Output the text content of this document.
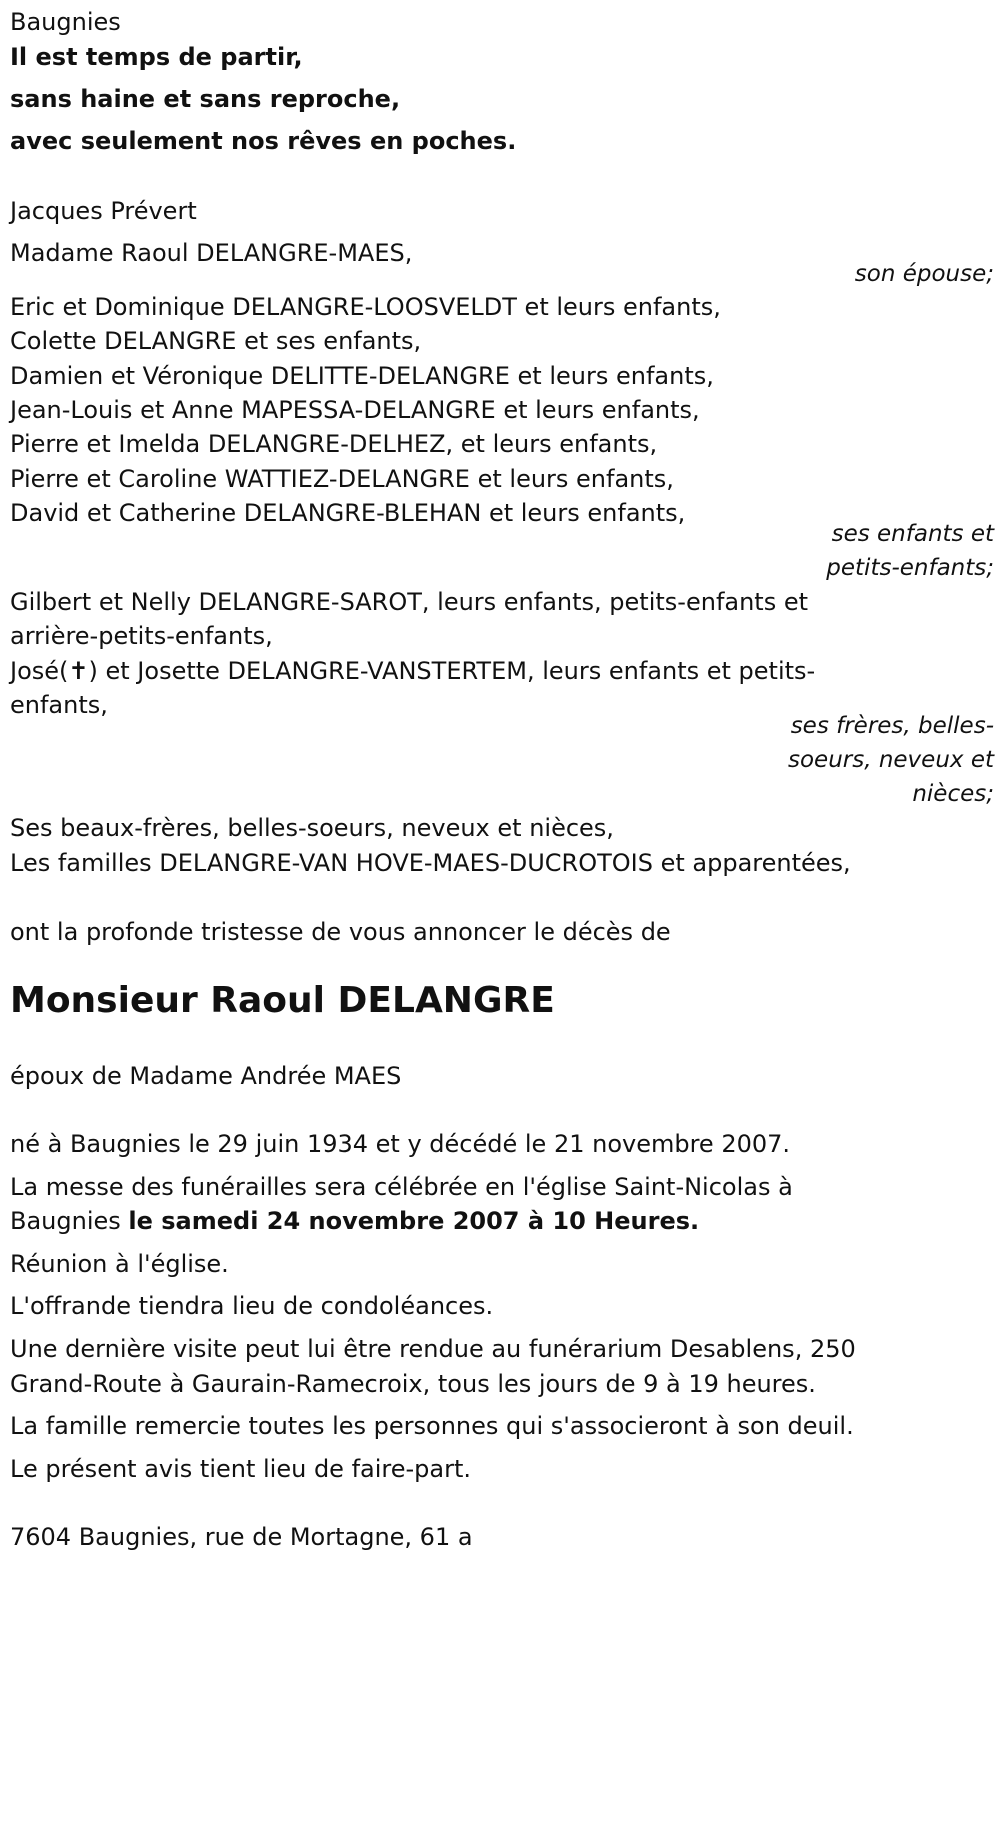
Baugnies
Il est temps de partir,
sans haine et sans reproche,
avec seulement nos rêves en poches.
Jacques Prévert
Madame Raoul DELANGRE-MAES,
son épouse;
Eric et Dominique DELANGRE-LOOSVELDT et leurs enfants,
Colette DELANGRE et ses enfants,
Damien et Véronique DELITTE-DELANGRE et leurs enfants,
Jean-Louis et Anne MAPESSA-DELANGRE et leurs enfants,
Pierre et Imelda DELANGRE-DELHEZ, et leurs enfants,
Pierre et Caroline WATTIEZ-DELANGRE et leurs enfants,
David et Catherine DELANGRE-BLEHAN et leurs enfants,
ses enfants et
petits-enfants;
Gilbert et Nelly DELANGRE-SAROT, leurs enfants, petits-enfants et
arrière-petits-enfants,
José(✝) et Josette DELANGRE-VANSTERTEM, leurs enfants et petits-
enfants,
ses frères, belles-
soeurs, neveux et
nièces;
Ses beaux-frères, belles-soeurs, neveux et nièces,
Les familles DELANGRE-VAN HOVE-MAES-DUCROTOIS et apparentées,
ont la profonde tristesse de vous annoncer le décès de
Monsieur Raoul DELANGRE
époux de Madame Andrée MAES
né à Baugnies le 29 juin 1934 et y décédé le 21 novembre 2007.
La messe des funérailles sera célébrée en l'église Saint-Nicolas à
Baugnies le samedi 24 novembre 2007 à 10 Heures.
Réunion à l'église.
L'offrande tiendra lieu de condoléances.
Une dernière visite peut lui être rendue au funérarium Desablens, 250
Grand-Route à Gaurain-Ramecroix, tous les jours de 9 à 19 heures.
La famille remercie toutes les personnes qui s'associeront à son deuil.
Le présent avis tient lieu de faire-part.
7604 Baugnies, rue de Mortagne, 61 a
